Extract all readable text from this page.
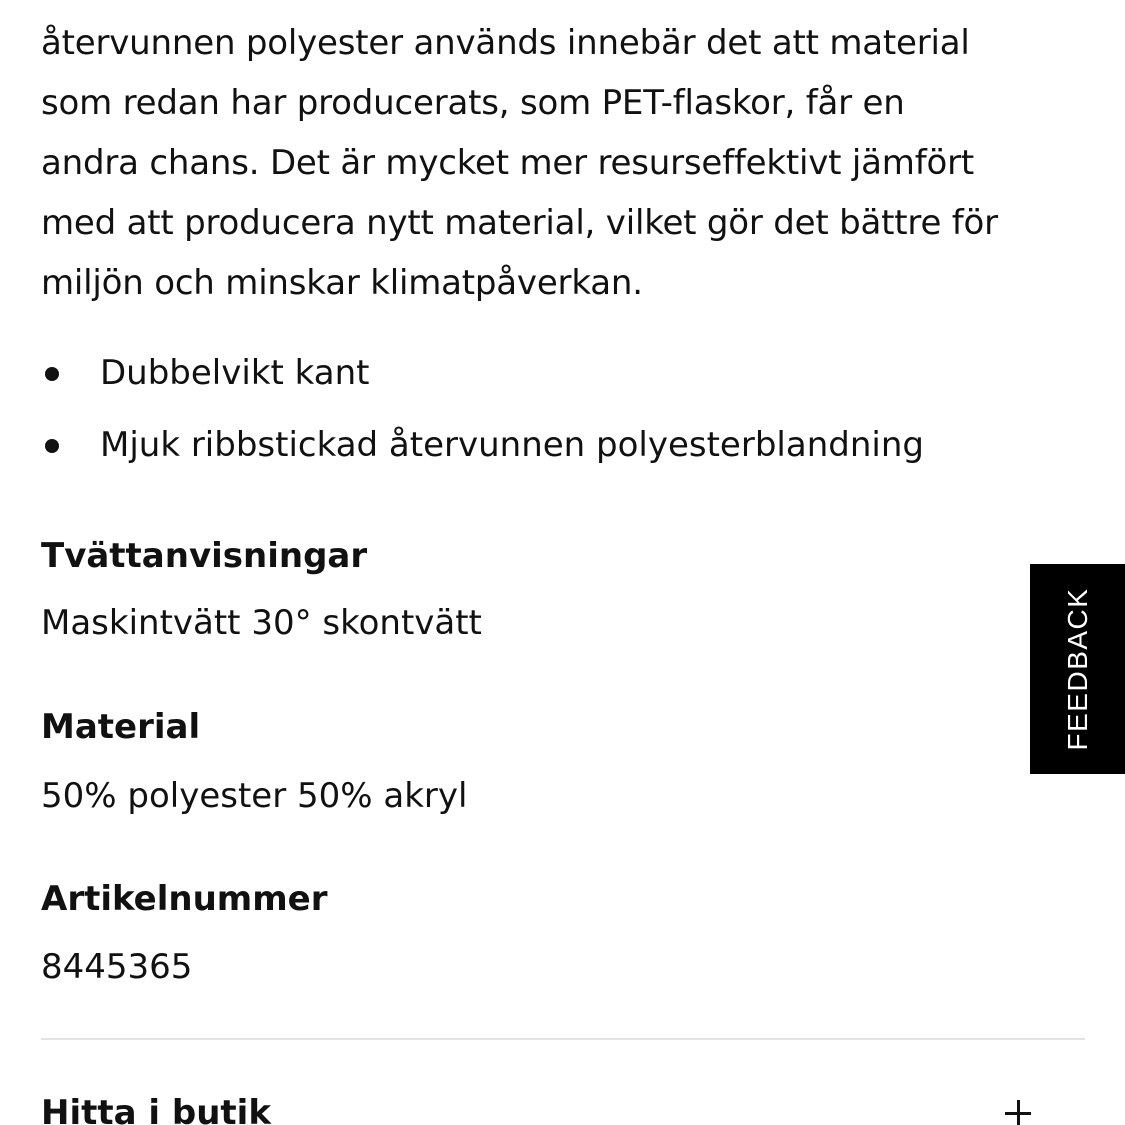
återvunnen polyester används innebär det att material
som redan har producerats, som PET-flaskor, får en
andra chans. Det är mycket mer resurseffektivt jämfört
med att producera nytt material, vilket gör det bättre för
miljön och minskar klimatpåverkan.

Dubbelvikt kant
Mjuk ribbstickad återvunnen polyesterblandning
Tvättanvisningar

Maskintvätt 30° skontvätt

Material

50% polyester 50% akryl

Artikelnummer

8445365

Hitta i butik
FEEDBACK
